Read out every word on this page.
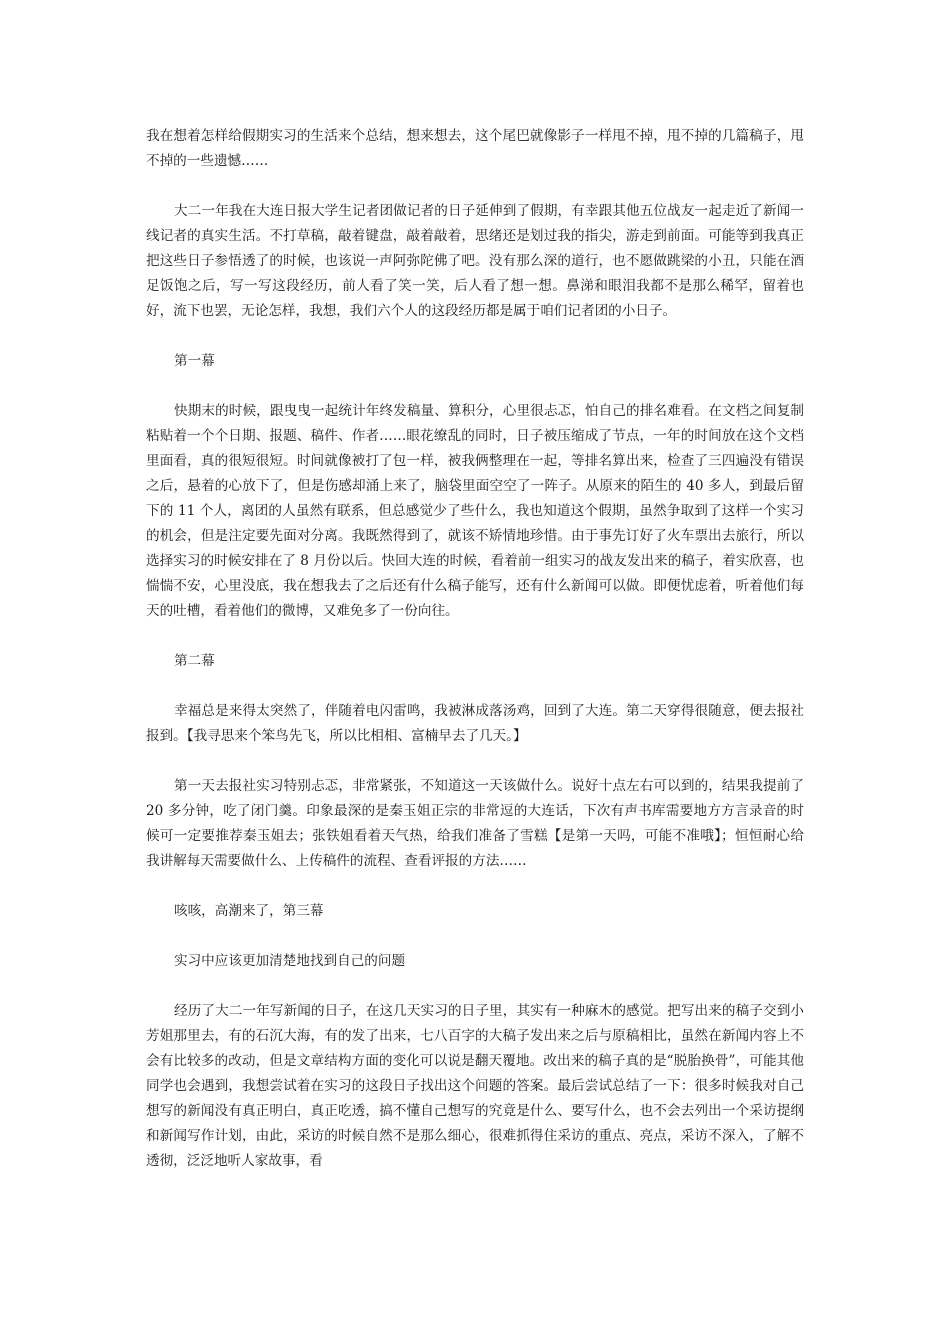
我在想着怎样给假期实习的生活来个总结，想来想去，这个尾巴就像影子一样甩不掉，甩不掉的几篇稿子，甩不掉的一些遗憾……

大二一年我在大连日报大学生记者团做记者的日子延伸到了假期，有幸跟其他五位战友一起走近了新闻一线记者的真实生活。不打草稿，敲着键盘，敲着敲着，思绪还是划过我的指尖，游走到前面。可能等到我真正把这些日子参悟透了的时候，也该说一声阿弥陀佛了吧。没有那么深的道行，也不愿做跳梁的小丑，只能在酒足饭饱之后，写一写这段经历，前人看了笑一笑，后人看了想一想。鼻涕和眼泪我都不是那么稀罕，留着也好，流下也罢，无论怎样，我想，我们六个人的这段经历都是属于咱们记者团的小日子。

第一幕

快期末的时候，跟曳曳一起统计年终发稿量、算积分，心里很忐忑，怕自己的排名难看。在文档之间复制粘贴着一个个日期、报题、稿件、作者……眼花缭乱的同时，日子被压缩成了节点，一年的时间放在这个文档里面看，真的很短很短。时间就像被打了包一样，被我俩整理在一起，等排名算出来，检查了三四遍没有错误之后，悬着的心放下了，但是伤感却涌上来了，脑袋里面空空了一阵子。从原来的陌生的 40 多人，到最后留下的 11 个人，离团的人虽然有联系，但总感觉少了些什么，我也知道这个假期，虽然争取到了这样一个实习的机会，但是注定要先面对分离。我既然得到了，就该不矫情地珍惜。由于事先订好了火车票出去旅行，所以选择实习的时候安排在了 8 月份以后。快回大连的时候，看着前一组实习的战友发出来的稿子，着实欣喜，也惴惴不安，心里没底，我在想我去了之后还有什么稿子能写，还有什么新闻可以做。即便忧虑着，听着他们每天的吐槽，看着他们的微博，又难免多了一份向往。

第二幕

幸福总是来得太突然了，伴随着电闪雷鸣，我被淋成落汤鸡，回到了大连。第二天穿得很随意，便去报社报到。【我寻思来个笨鸟先飞，所以比相相、富楠早去了几天。】

第一天去报社实习特别忐忑，非常紧张，不知道这一天该做什么。说好十点左右可以到的，结果我提前了 20 多分钟，吃了闭门羹。印象最深的是秦玉姐正宗的非常逗的大连话，下次有声书库需要地方方言录音的时候可一定要推荐秦玉姐去；张铁姐看着天气热，给我们准备了雪糕【是第一天吗，可能不准哦】；恒恒耐心给我讲解每天需要做什么、上传稿件的流程、查看评报的方法……

咳咳，高潮来了，第三幕

实习中应该更加清楚地找到自己的问题

经历了大二一年写新闻的日子，在这几天实习的日子里，其实有一种麻木的感觉。把写出来的稿子交到小芳姐那里去，有的石沉大海，有的发了出来，七八百字的大稿子发出来之后与原稿相比，虽然在新闻内容上不会有比较多的改动，但是文章结构方面的变化可以说是翻天覆地。改出来的稿子真的是“脱胎换骨”，可能其他同学也会遇到，我想尝试着在实习的这段日子找出这个问题的答案。最后尝试总结了一下：很多时候我对自己想写的新闻没有真正明白，真正吃透，搞不懂自己想写的究竟是什么、要写什么，也不会去列出一个采访提纲和新闻写作计划，由此，采访的时候自然不是那么细心，很难抓得住采访的重点、亮点，采访不深入，了解不透彻，泛泛地听人家故事，看
